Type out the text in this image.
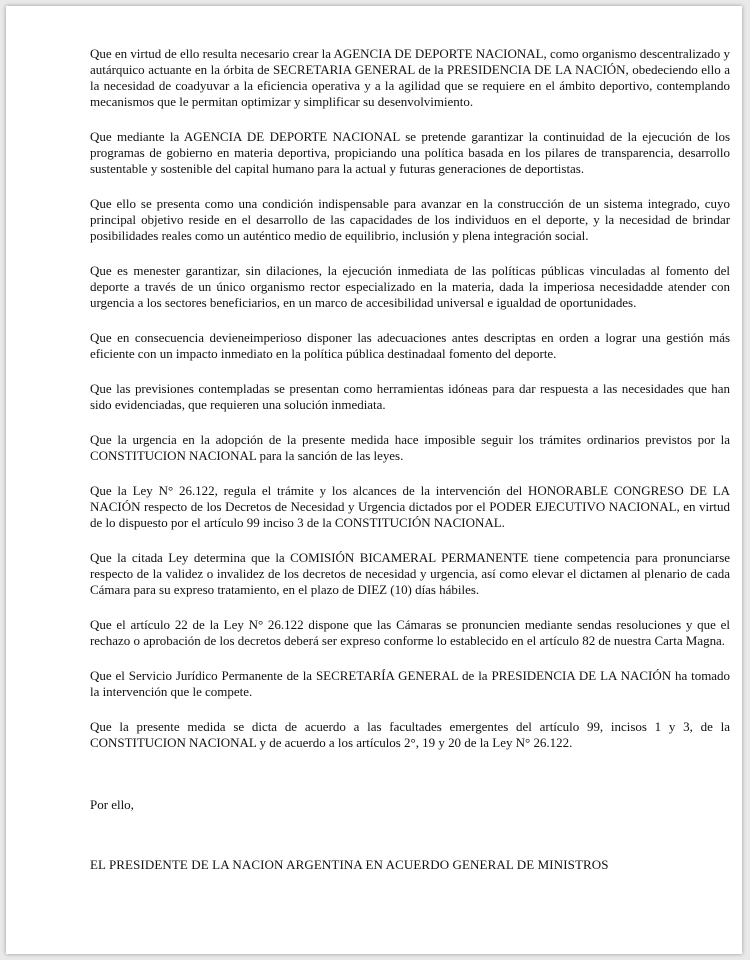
Que en virtud de ello resulta necesario crear la AGENCIA DE DEPORTE NACIONAL, como organismo descentralizado y autárquico actuante en la órbita de SECRETARIA GENERAL de la PRESIDENCIA DE LA NACIÓN, obedeciendo ello a la necesidad de coadyuvar a la eficiencia operativa y a la agilidad que se requiere en el ámbito deportivo, contemplando mecanismos que le permitan optimizar y simplificar su desenvolvimiento.

Que mediante la AGENCIA DE DEPORTE NACIONAL se pretende garantizar la continuidad de la ejecución de los programas de gobierno en materia deportiva, propiciando una política basada en los pilares de transparencia, desarrollo sustentable y sostenible del capital humano para la actual y futuras generaciones de deportistas.

Que ello se presenta como una condición indispensable para avanzar en la construcción de un sistema integrado, cuyo principal objetivo reside en el desarrollo de las capacidades de los individuos en el deporte, y la necesidad de brindar posibilidades reales como un auténtico medio de equilibrio, inclusión y plena integración social.

Que es menester garantizar, sin dilaciones, la ejecución inmediata de las políticas públicas vinculadas al fomento del deporte a través de un único organismo rector especializado en la materia, dada la imperiosa necesidadde atender con urgencia a los sectores beneficiarios, en un marco de accesibilidad universal e igualdad de oportunidades.

Que en consecuencia devieneimperioso disponer las adecuaciones antes descriptas en orden a lograr una gestión más eficiente con un impacto inmediato en la política pública destinadaal fomento del deporte.

Que las previsiones contempladas se presentan como herramientas idóneas para dar respuesta a las necesidades que han sido evidenciadas, que requieren una solución inmediata.

Que la urgencia en la adopción de la presente medida hace imposible seguir los trámites ordinarios previstos por la CONSTITUCION NACIONAL para la sanción de las leyes.

Que la Ley N° 26.122, regula el trámite y los alcances de la intervención del HONORABLE CONGRESO DE LA NACIÓN respecto de los Decretos de Necesidad y Urgencia dictados por el PODER EJECUTIVO NACIONAL, en virtud de lo dispuesto por el artículo 99 inciso 3 de la CONSTITUCIÓN NACIONAL.

Que la citada Ley determina que la COMISIÓN BICAMERAL PERMANENTE tiene competencia para pronunciarse respecto de la validez o invalidez de los decretos de necesidad y urgencia, así como elevar el dictamen al plenario de cada Cámara para su expreso tratamiento, en el plazo de DIEZ (10) días hábiles.

Que el artículo 22 de la Ley N° 26.122 dispone que las Cámaras se pronuncien mediante sendas resoluciones y que el rechazo o aprobación de los decretos deberá ser expreso conforme lo establecido en el artículo 82 de nuestra Carta Magna.

Que el Servicio Jurídico Permanente de la SECRETARÍA GENERAL de la PRESIDENCIA DE LA NACIÓN ha tomado la intervención que le compete.

Que la presente medida se dicta de acuerdo a las facultades emergentes del artículo 99, incisos 1 y 3, de la CONSTITUCION NACIONAL y de acuerdo a los artículos 2°, 19 y 20 de la Ley N° 26.122.

Por ello,

EL PRESIDENTE DE LA NACION ARGENTINA EN ACUERDO GENERAL DE MINISTROS
